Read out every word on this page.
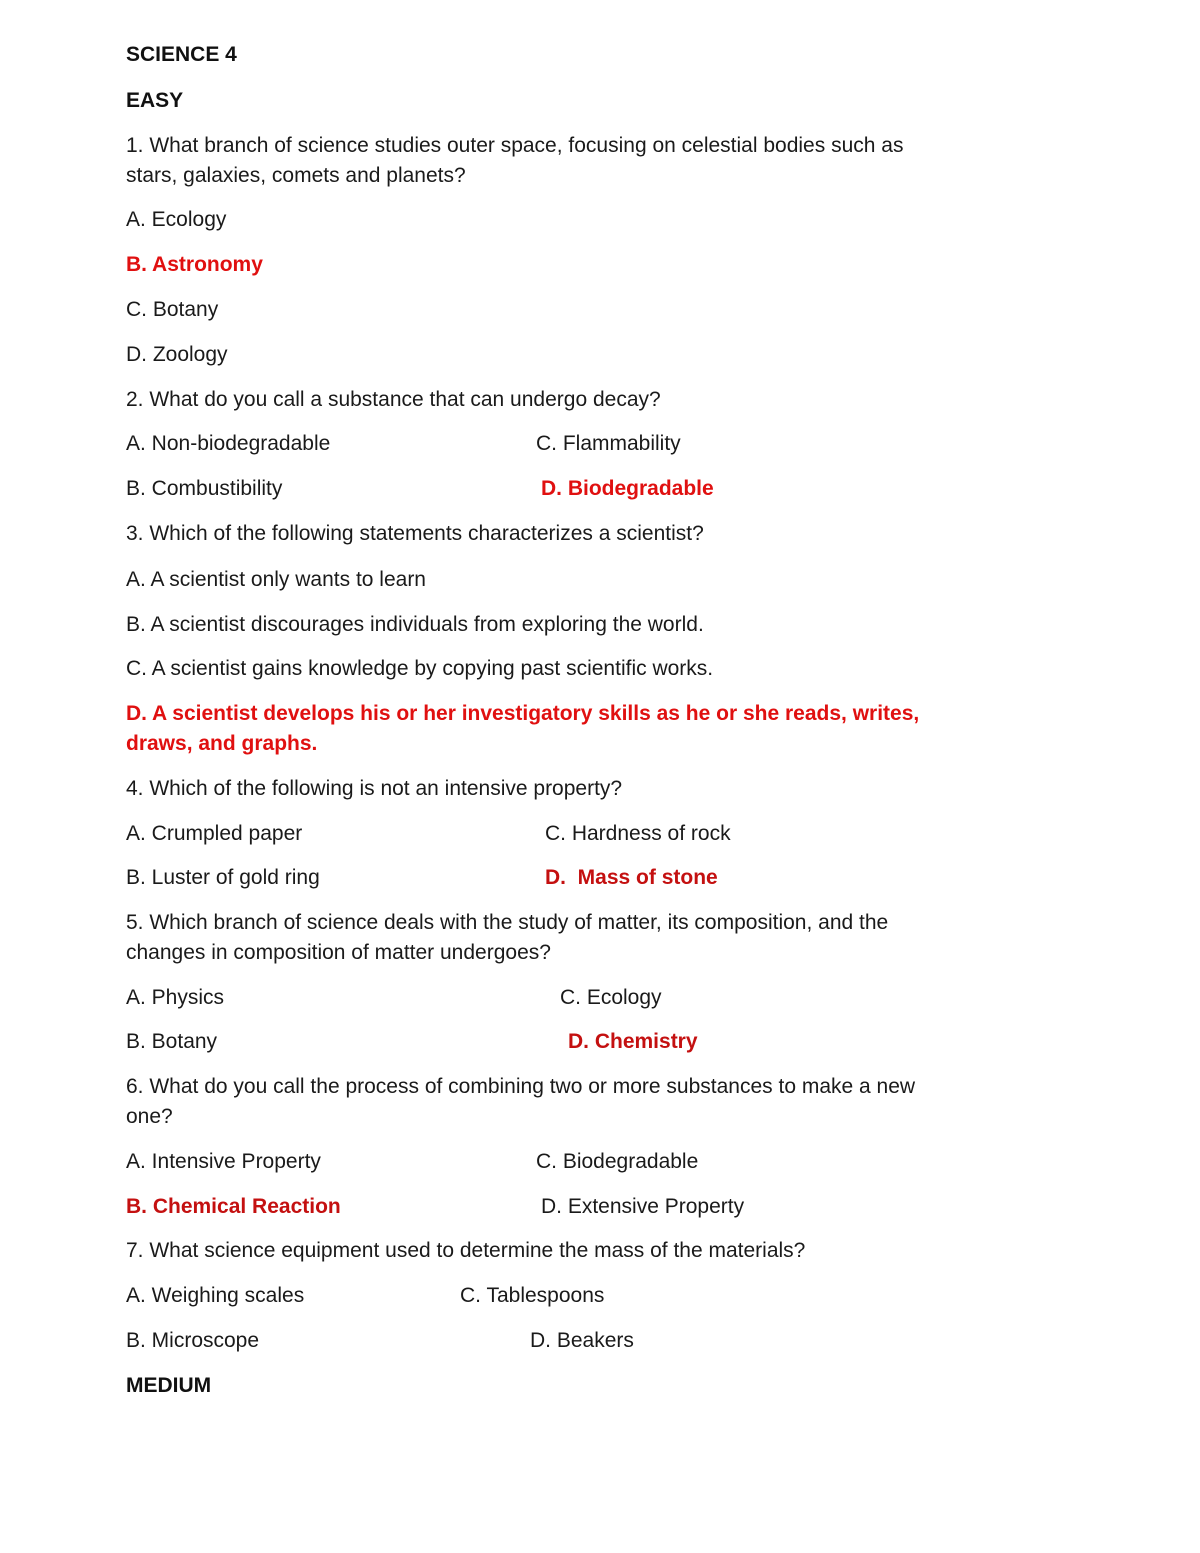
SCIENCE 4
EASY
1. What branch of science studies outer space, focusing on celestial bodies such as
stars, galaxies, comets and planets?
A. Ecology
B. Astronomy
C. Botany
D. Zoology
2. What do you call a substance that can undergo decay?
A. Non-biodegradable	C. Flammability
B. Combustibility	D. Biodegradable
3. Which of the following statements characterizes a scientist?
A. A scientist only wants to learn
B. A scientist discourages individuals from exploring the world.
C. A scientist gains knowledge by copying past scientific works.
D. A scientist develops his or her investigatory skills as he or she reads, writes,
draws, and graphs.
4. Which of the following is not an intensive property?
A. Crumpled paper	C. Hardness of rock
B. Luster of gold ring	D.  Mass of stone
5. Which branch of science deals with the study of matter, its composition, and the
changes in composition of matter undergoes?
A. Physics	C. Ecology
B. Botany	D. Chemistry
6. What do you call the process of combining two or more substances to make a new
one?
A. Intensive Property	C. Biodegradable
B. Chemical Reaction	D. Extensive Property
7. What science equipment used to determine the mass of the materials?
A. Weighing scales	C. Tablespoons
B. Microscope	D. Beakers
MEDIUM
